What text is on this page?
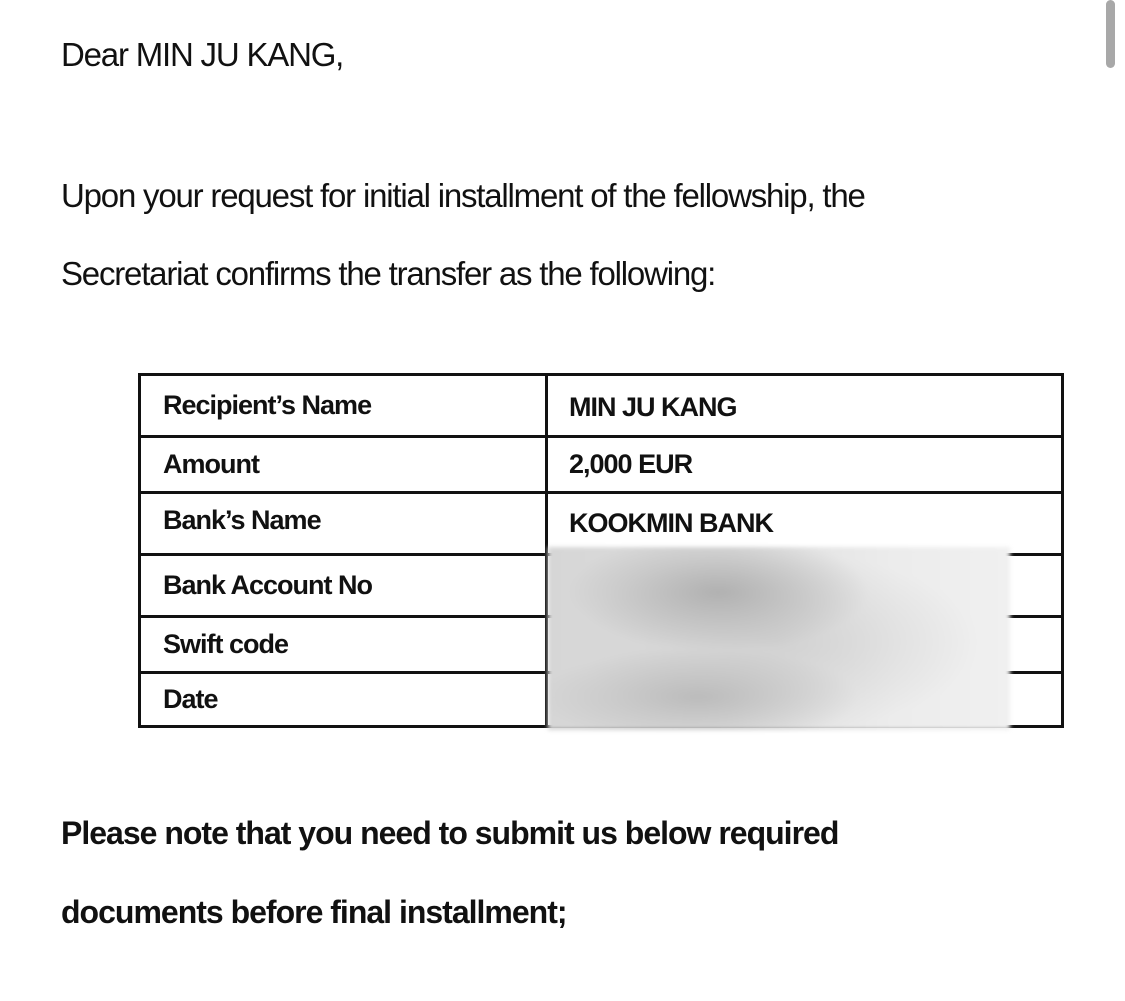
Dear MIN JU KANG,
Upon your request for initial installment of the fellowship, the
Secretariat confirms the transfer as the following:
Recipient’s Name	MIN JU KANG
Amount	2,000 EUR
Bank’s Name	KOOKMIN BANK
Bank Account No
Swift code
Date
Please note that you need to submit us below required
documents before final installment;
